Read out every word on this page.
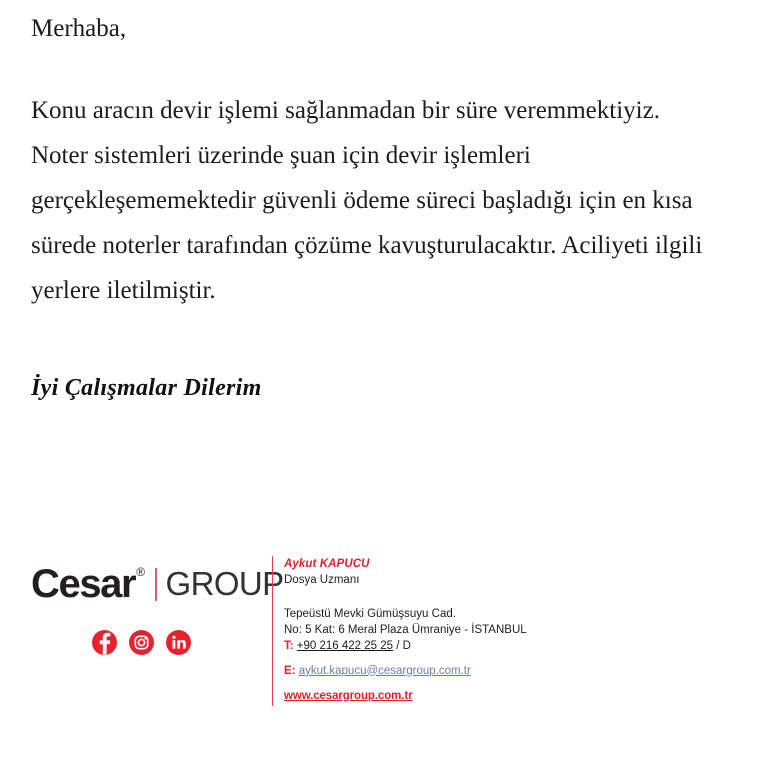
Merhaba,

Konu aracın devir işlemi sağlanmadan bir süre veremmektiyiz. Noter sistemleri üzerinde şuan için devir işlemleri gerçekleşememektedir güvenli ödeme süreci başladığı için en kısa sürede noterler tarafından çözüme kavuşturulacaktır. Aciliyeti ilgili yerlere iletilmiştir.

İyi Çalışmalar Dilerim

Cesar ® GROUP
Aykut KAPUCU
Dosya Uzmanı
Tepeüstü Mevki Gümüşsuyu Cad.
No: 5 Kat: 6 Meral Plaza Ümraniye - İSTANBUL
T: +90 216 422 25 25 / D
E: aykut.kapucu@cesargroup.com.tr
www.cesargroup.com.tr
